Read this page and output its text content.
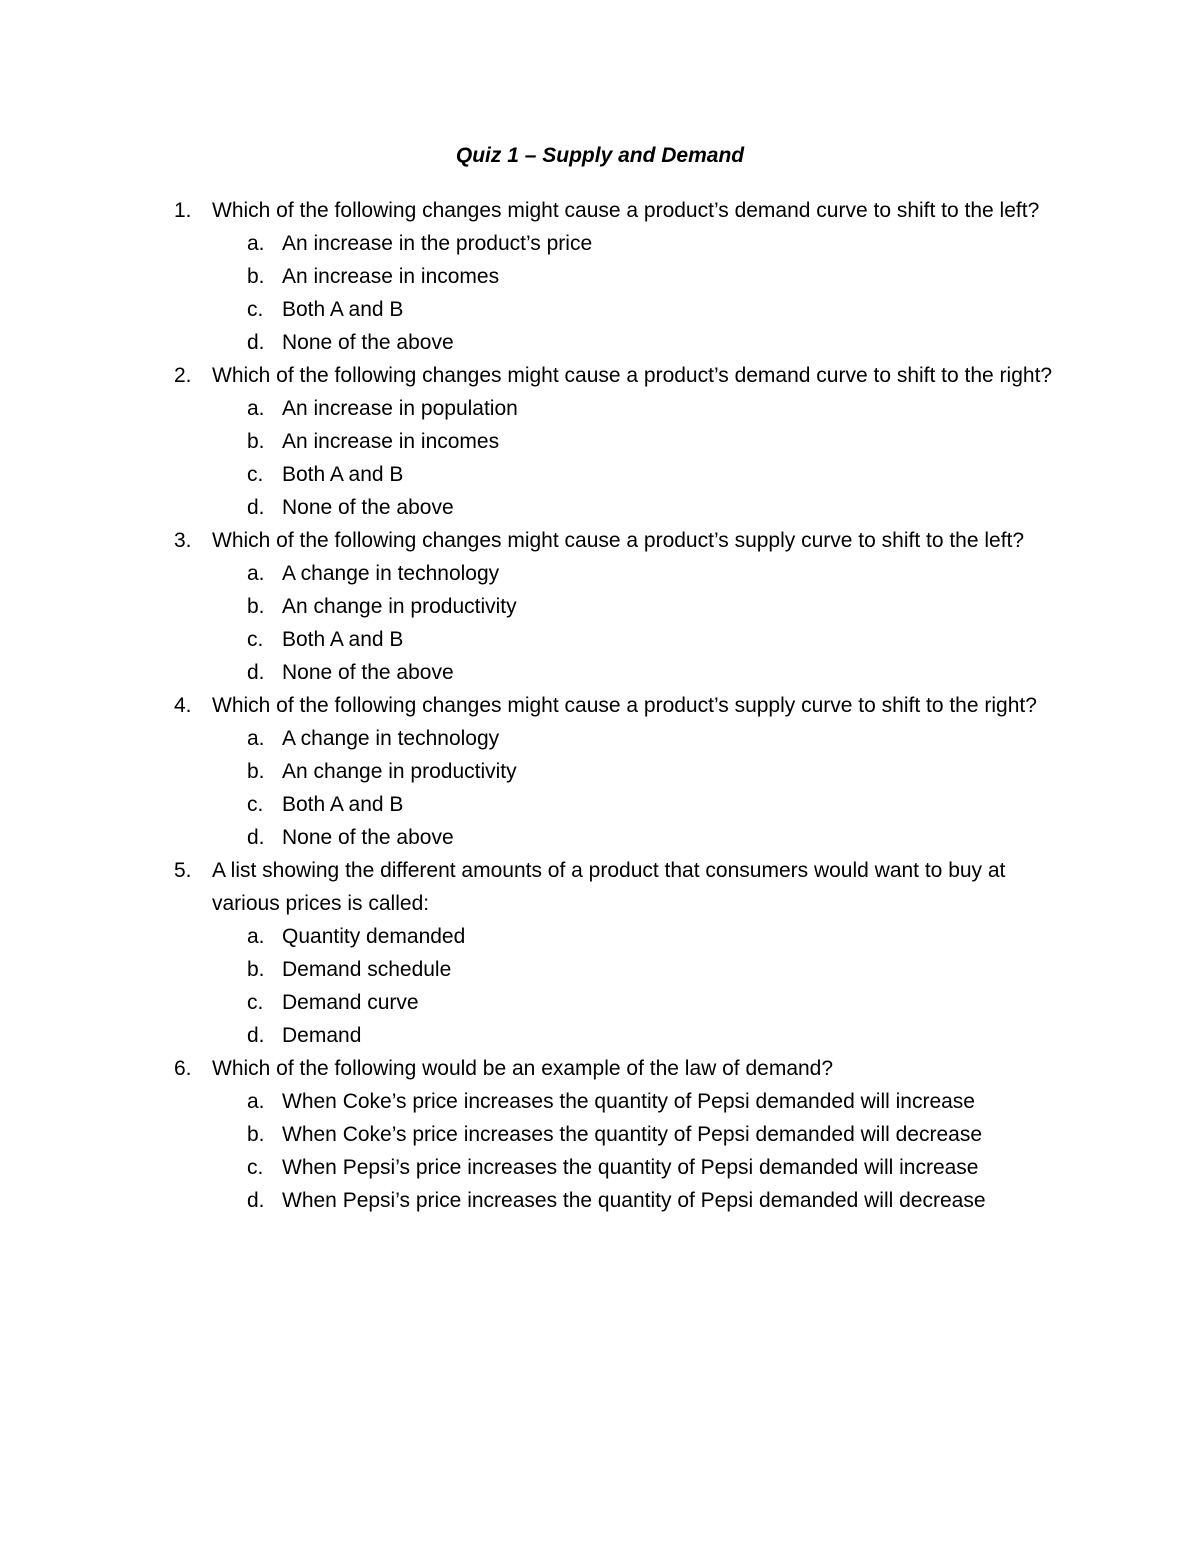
Quiz 1 – Supply and Demand
1. Which of the following changes might cause a product’s demand curve to shift to the left?
a. An increase in the product’s price
b. An increase in incomes
c. Both A and B
d. None of the above
2. Which of the following changes might cause a product’s demand curve to shift to the right?
a. An increase in population
b. An increase in incomes
c. Both A and B
d. None of the above
3. Which of the following changes might cause a product’s supply curve to shift to the left?
a. A change in technology
b. An change in productivity
c. Both A and B
d. None of the above
4. Which of the following changes might cause a product’s supply curve to shift to the right?
a. A change in technology
b. An change in productivity
c. Both A and B
d. None of the above
5. A list showing the different amounts of a product that consumers would want to buy at various prices is called:
a. Quantity demanded
b. Demand schedule
c. Demand curve
d. Demand
6. Which of the following would be an example of the law of demand?
a. When Coke’s price increases the quantity of Pepsi demanded will increase
b. When Coke’s price increases the quantity of Pepsi demanded will decrease
c. When Pepsi’s price increases the quantity of Pepsi demanded will increase
d. When Pepsi’s price increases the quantity of Pepsi demanded will decrease
